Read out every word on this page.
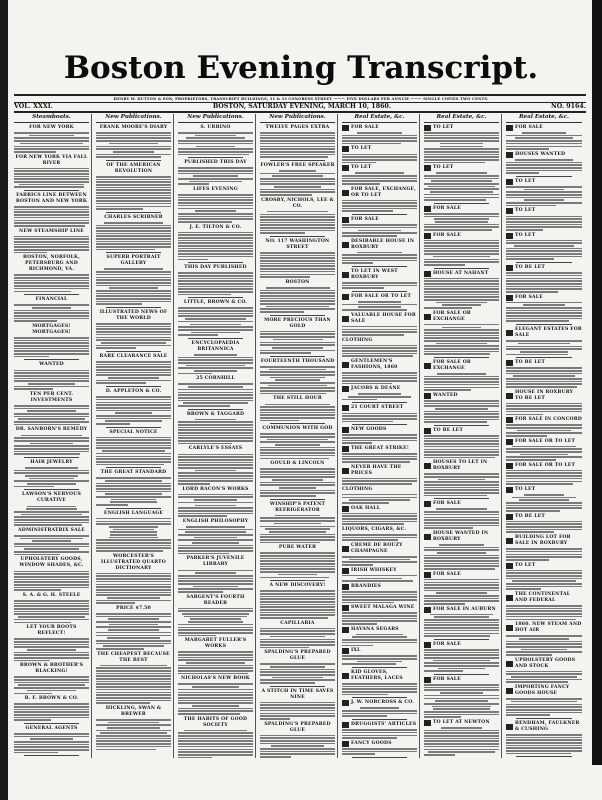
Boston Evening Transcript.
HENRY W. DUTTON & SON, PROPRIETORS, TRANSCRIPT BUILDINGS, 31 & 33 CONGRESS STREET ——— FIVE DOLLARS PER ANNUM ——— SINGLE COPIES TWO CENTS.
VOL. XXXI.	BOSTON, SATURDAY EVENING, MARCH 10, 1860.	NO. 9164.
Steamboats.
FOR NEW YORK
FOR NEW YORK VIA FALL RIVER
FABRICS LINE BETWEEN BOSTON AND NEW YORK
NEW STEAMSHIP LINE
BOSTON, NORFOLK, PETERSBURG AND RICHMOND, VA.
FINANCIAL
MORTGAGES! MORTGAGES!
WANTED
TEN PER CENT. INVESTMENTS
DR. SANBORN'S REMEDY
HAIR JEWELRY
LAWSON'S NERVOUS CURATIVE
ADMINISTRATRIX SALE
UPHOLSTERY GOODS, WINDOW SHADES, &C.
S. A. & G. H. STEELE
LET YOUR BOOTS REFLECT!
BROWN & BROTHER'S BLACKING!
B. F. BROWN & CO.
GENERAL AGENTS
New Publications.
FRANK MOORE'S DIARY
OF THE AMERICAN REVOLUTION
CHARLES SCRIBNER
SUPERB PORTRAIT GALLERY
ILLUSTRATED NEWS OF THE WORLD
RARE CLEARANCE SALE
D. APPLETON & CO.
SPECIAL NOTICE
THE GREAT STANDARD
ENGLISH LANGUAGE
WORCESTER'S ILLUSTRATED QUARTO DICTIONARY
PRICE $7.50
THE CHEAPEST BECAUSE THE BEST
HICKLING, SWAN & BREWER
New Publications.
S. URBINO
PUBLISHED THIS DAY
LIFES EVENING
J. E. TILTON & CO.
THIS DAY PUBLISHED
LITTLE, BROWN & CO.
ENCYCLOPAEDIA BRITANNICA
25 CORNHILL
BROWN & TAGGARD
CARLYLE'S ESSAYS
LORD BACON'S WORKS
ENGLISH PHILOSOPHY
PARKER'S JUVENILE LIBRARY
SARGENT'S FOURTH READER
MARGARET FULLER'S WORKS
NICHOLAS'S NEW BOOK
THE HABITS OF GOOD SOCIETY
New Publications.
TWELVE PAGES EXTRA
FOWLER'S FREE SPEAKER
CROSBY, NICHOLS, LEE & CO.
NO. 117 WASHINGTON STREET
BOSTON
MORE PRECIOUS THAN GOLD
FOURTEENTH THOUSAND
THE STILL HOUR
COMMUNION WITH GOD
GOULD & LINCOLN
WINSHIP'S PATENT REFRIGERATOR
PURE WATER
A NEW DISCOVERY!
CAPILLARIA
SPALDING'S PREPARED GLUE
A STITCH IN TIME SAVES NINE
SPALDING'S PREPARED GLUE
Real Estate, &c.
FOR SALE
TO LET
TO LET
FOR SALE, EXCHANGE, OR TO LET
FOR SALE
DESIRABLE HOUSE IN ROXBURY
TO LET IN WEST ROXBURY
FOR SALE OR TO LET
VALUABLE HOUSE FOR SALE
CLOTHING
GENTLEMEN'S FASHIONS, 1860
JACOBS & DEANE
21 COURT STREET
NEW GOODS
THE GREAT STRIKE!
NEVER HAVE THE PRICES
CLOTHING
OAK HALL
LIQUORS, CIGARS, &C.
CREME DE BOUZY CHAMPAGNE
IRISH WHISKEY
BRANDIES
SWEET MALAGA WINE
HAVANA SEGARS
IXL
KID GLOVES, FEATHERS, LACES
J. W. NORCROSS & CO.
DRUGGISTS' ARTICLES
FANCY GOODS
Real Estate, &c.
TO LET
TO LET
FOR SALE
FOR SALE
HOUSE AT NAHANT
FOR SALE OR EXCHANGE
FOR SALE OR EXCHANGE
WANTED
TO BE LET
HOUSES TO LET IN ROXBURY
FOR SALE
HOUSE WANTED IN ROXBURY
FOR SALE
FOR SALE IN AUBURN
FOR SALE
FOR SALE
TO LET AT NEWTON
Real Estate, &c.
FOR SALE
HOUSES WANTED
TO LET
TO LET
TO LET
TO BE LET
FOR SALE
ELEGANT ESTATES FOR SALE
TO BE LET
HOUSE IN ROXBURY TO BE LET
FOR SALE IN CONCORD
FOR SALE OR TO LET
FOR SALE OR TO LET
TO LET
TO BE LET
BUILDING LOT FOR SALE IN ROXBURY
TO LET
THE CONTINENTAL AND FEDERAL
1860. NEW STEAM AND HOT AIR
UPHOLSTERY GOODS AND STOCK
IMPORTING FANCY GOODS HOUSE
BENDHAM, FAULKNER & CUSHING
